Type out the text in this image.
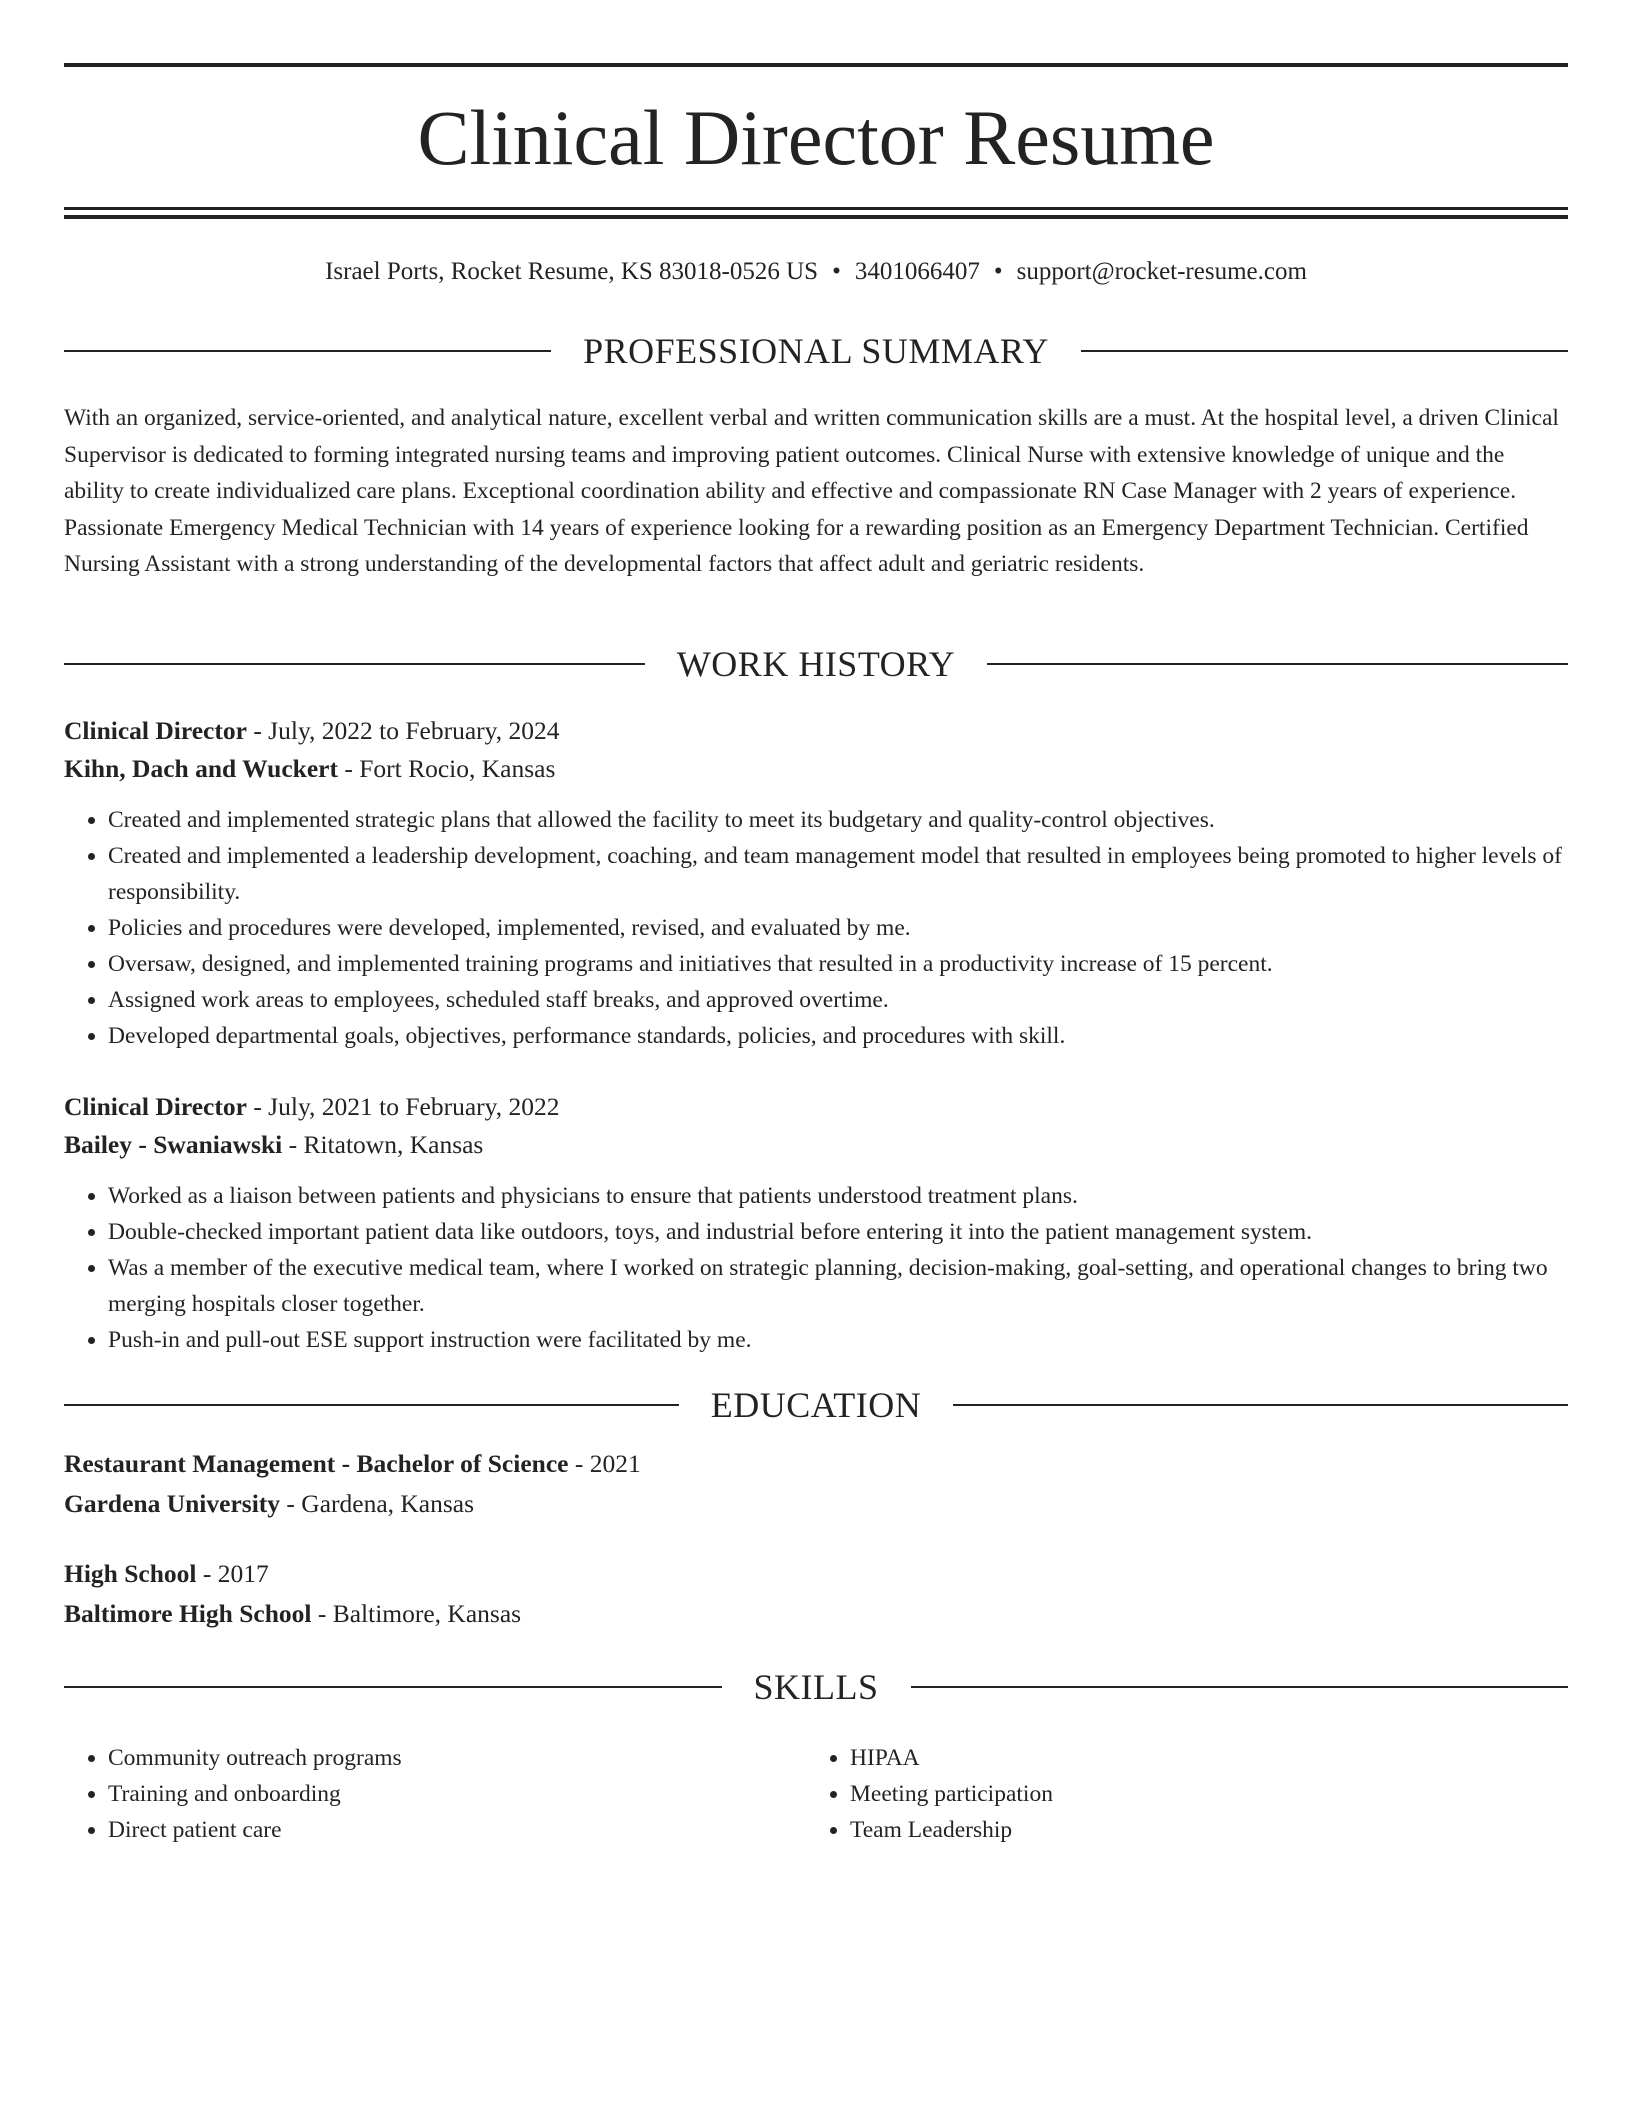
Clinical Director Resume
Israel Ports, Rocket Resume, KS 83018-0526 US • 3401066407 • support@rocket-resume.com
PROFESSIONAL SUMMARY

With an organized, service-oriented, and analytical nature, excellent verbal and written communication skills are a must. At the hospital level, a driven Clinical Supervisor is dedicated to forming integrated nursing teams and improving patient outcomes. Clinical Nurse with extensive knowledge of unique and the ability to create individualized care plans. Exceptional coordination ability and effective and compassionate RN Case Manager with 2 years of experience. Passionate Emergency Medical Technician with 14 years of experience looking for a rewarding position as an Emergency Department Technician. Certified Nursing Assistant with a strong understanding of the developmental factors that affect adult and geriatric residents.

WORK HISTORY

Clinical Director - July, 2022 to February, 2024

Kihn, Dach and Wuckert - Fort Rocio, Kansas

• Created and implemented strategic plans that allowed the facility to meet its budgetary and quality-control objectives.
• Created and implemented a leadership development, coaching, and team management model that resulted in employees being promoted to higher levels of responsibility.
• Policies and procedures were developed, implemented, revised, and evaluated by me.
• Oversaw, designed, and implemented training programs and initiatives that resulted in a productivity increase of 15 percent.
• Assigned work areas to employees, scheduled staff breaks, and approved overtime.
• Developed departmental goals, objectives, performance standards, policies, and procedures with skill.

Clinical Director - July, 2021 to February, 2022

Bailey - Swaniawski - Ritatown, Kansas

• Worked as a liaison between patients and physicians to ensure that patients understood treatment plans.
• Double-checked important patient data like outdoors, toys, and industrial before entering it into the patient management system.
• Was a member of the executive medical team, where I worked on strategic planning, decision-making, goal-setting, and operational changes to bring two merging hospitals closer together.
• Push-in and pull-out ESE support instruction were facilitated by me.
EDUCATION

Restaurant Management - Bachelor of Science - 2021

Gardena University - Gardena, Kansas

High School - 2017

Baltimore High School - Baltimore, Kansas

SKILLS
• Community outreach programs
• Training and onboarding
• Direct patient care
• HIPAA
• Meeting participation
• Team Leadership
